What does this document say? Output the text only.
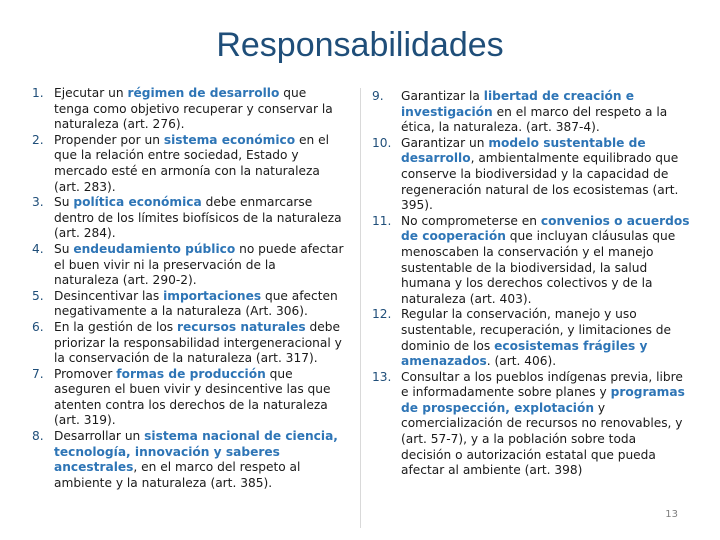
Responsabilidades
1. Ejecutar un régimen de desarrollo que tenga como objetivo recuperar y conservar la naturaleza (art. 276).
2. Propender por un sistema económico en el que la relación entre sociedad, Estado y mercado esté en armonía con la naturaleza (art. 283).
3. Su política económica debe enmarcarse dentro de los límites biofísicos de la naturaleza (art. 284).
4. Su endeudamiento público no puede afectar el buen vivir ni la preservación de la naturaleza (art. 290-2).
5. Desincentivar las importaciones que afecten negativamente a la naturaleza (Art. 306).
6. En la gestión de los recursos naturales debe priorizar la responsabilidad intergeneracional y la conservación de la naturaleza (art. 317).
7. Promover formas de producción que aseguren el buen vivir y desincentive las que atenten contra los derechos de la naturaleza (art. 319).
8. Desarrollar un sistema nacional de ciencia, tecnología, innovación y saberes ancestrales, en el marco del respeto al ambiente y la naturaleza (art. 385).
9. Garantizar la libertad de creación e investigación en el marco del respeto a la ética, la naturaleza. (art. 387-4).
10. Garantizar un modelo sustentable de desarrollo, ambientalmente equilibrado que conserve la biodiversidad y la capacidad de regeneración natural de los ecosistemas (art. 395).
11. No comprometerse en convenios o acuerdos de cooperación que incluyan cláusulas que menoscaben la conservación y el manejo sustentable de la biodiversidad, la salud humana y los derechos colectivos y de la naturaleza (art. 403).
12. Regular la conservación, manejo y uso sustentable, recuperación, y limitaciones de dominio de los ecosistemas frágiles y amenazados. (art. 406).
13. Consultar a los pueblos indígenas previa, libre e informadamente sobre planes y programas de prospección, explotación y comercialización de recursos no renovables, y (art. 57-7), y a la población sobre toda decisión o autorización estatal que pueda afectar al ambiente (art. 398)
13
